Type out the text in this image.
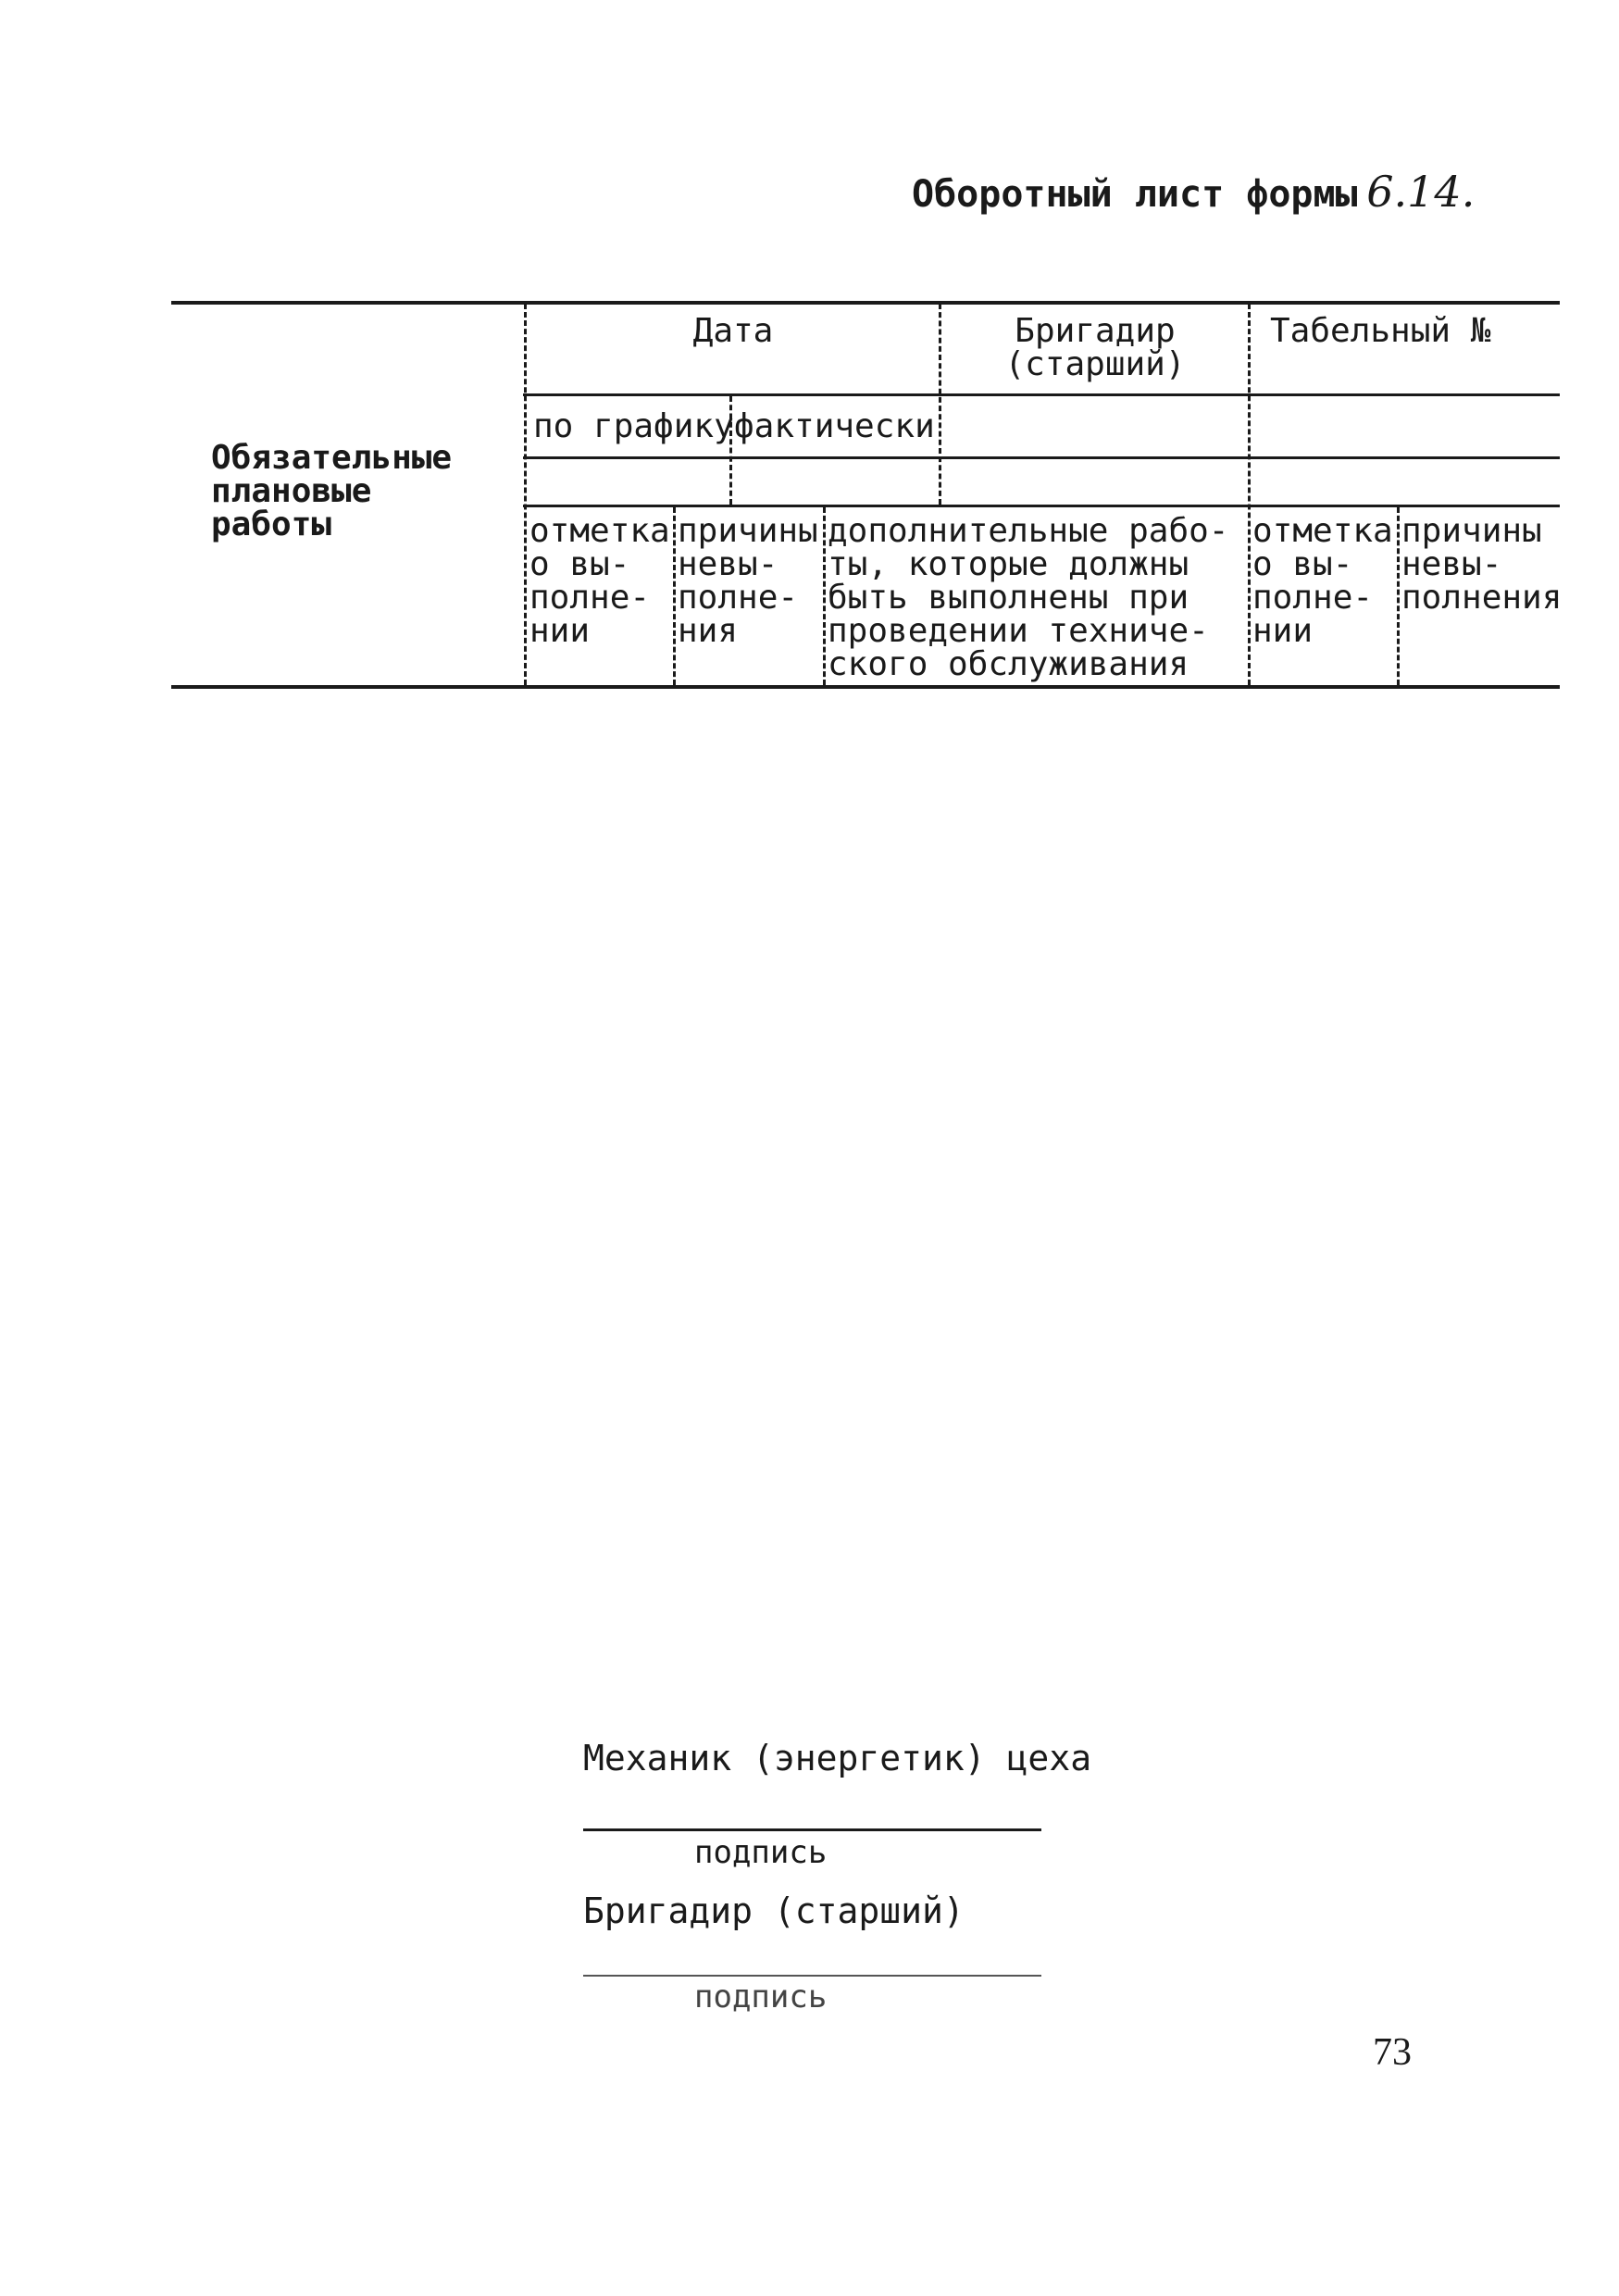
Оборотный лист формы 6.14.
Обязательные
плановые
работы
Дата	Бригадир
(старший)
Табельный №
по графику фактически
отметка
о вы-
полне-
нии
причины
невы-
полне-
ния
дополнительные рабо-
ты, которые должны
быть выполнены при
проведении техниче-
ского обслуживания
отметка
о вы-
полне-
нии
причины
невы-
полнения
Механик (энергетик) цеха
подпись
Бригадир (старший)
подпись
73
